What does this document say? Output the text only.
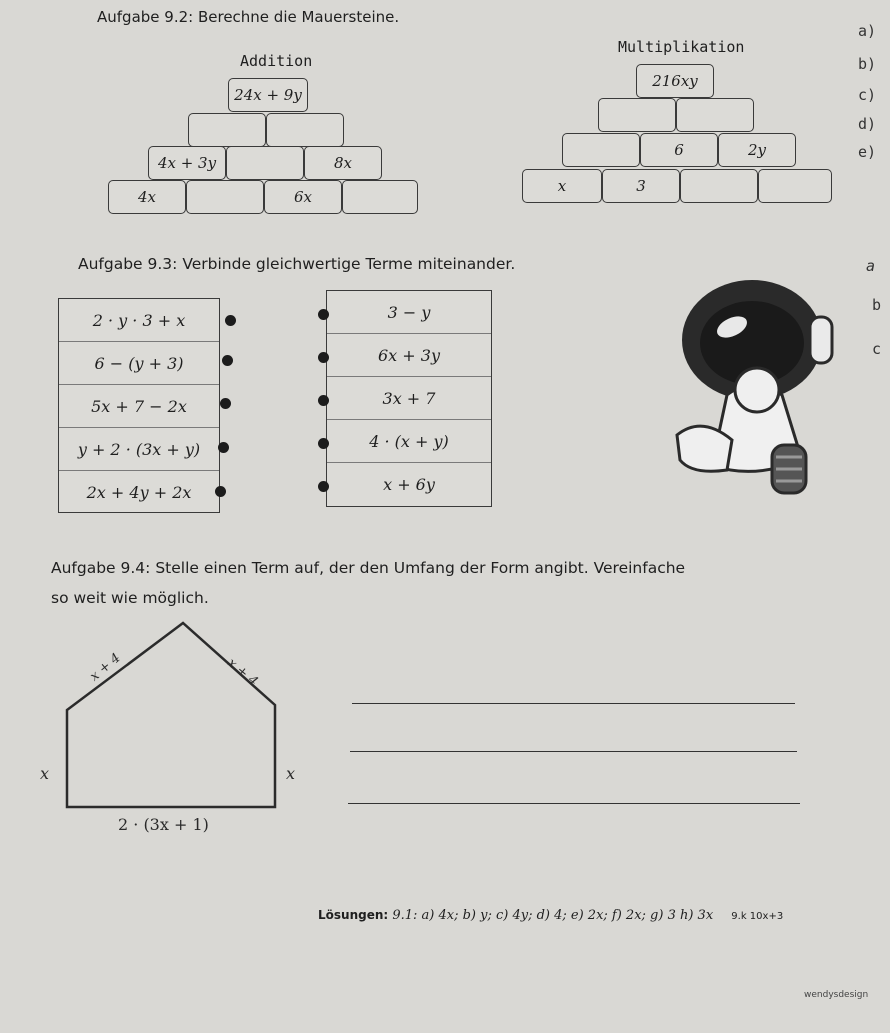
Aufgabe 9.2: Berechne die Mauersteine.
Addition
24x + 9y
4x + 3y	8x
4x	6x
Multiplikation
216xy
6	2y
x	3
a)
b)
c)
d)
e)
a
b
c
Aufgabe 9.3: Verbinde gleichwertige Terme miteinander.
2 · y · 3 + x
6 − (y + 3)
5x + 7 − 2x
y + 2 · (3x + y)
2x + 4y + 2x
3 − y
6x + 3y
3x + 7
4 · (x + y)
x + 6y
Aufgabe 9.4: Stelle einen Term auf, der den Umfang der Form angibt. Vereinfache
so weit wie möglich.
x + 4	x + 4
x	x
2 · (3x + 1)
Lösungen: 9.1: a) 4x; b) y; c) 4y; d) 4; e) 2x; f) 2x; g) 3 h) 3x 9.k 10x+3
wendysdesign
